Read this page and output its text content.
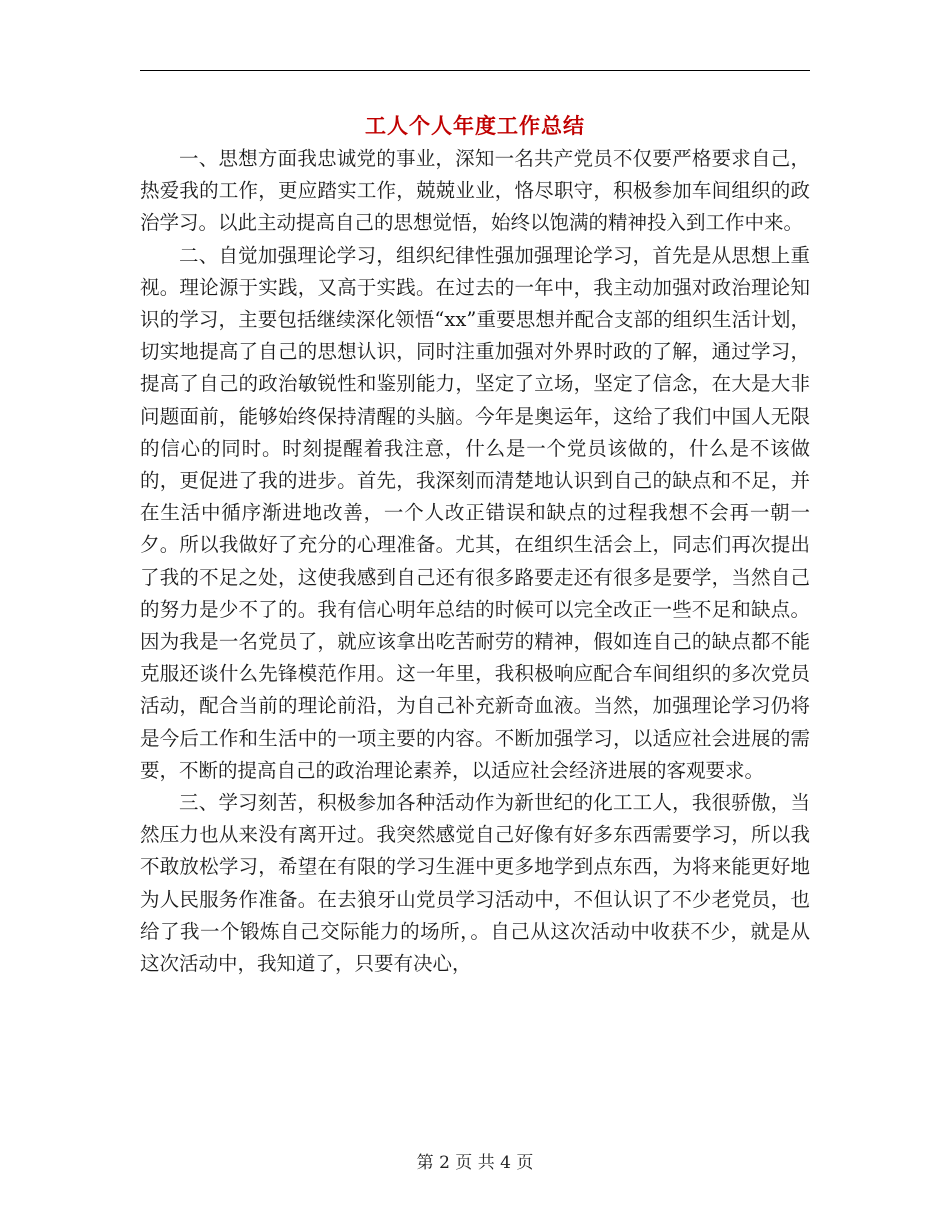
工人个人年度工作总结

一、思想方面我忠诚党的事业，深知一名共产党员不仅要严格要求自己，热爱我的工作，更应踏实工作，兢兢业业，恪尽职守，积极参加车间组织的政治学习。以此主动提高自己的思想觉悟，始终以饱满的精神投入到工作中来。

二、自觉加强理论学习，组织纪律性强加强理论学习，首先是从思想上重视。理论源于实践，又高于实践。在过去的一年中，我主动加强对政治理论知识的学习，主要包括继续深化领悟“xx”重要思想并配合支部的组织生活计划，切实地提高了自己的思想认识，同时注重加强对外界时政的了解，通过学习，提高了自己的政治敏锐性和鉴别能力，坚定了立场，坚定了信念，在大是大非问题面前，能够始终保持清醒的头脑。今年是奥运年，这给了我们中国人无限的信心的同时。时刻提醒着我注意，什么是一个党员该做的，什么是不该做的，更促进了我的进步。首先，我深刻而清楚地认识到自己的缺点和不足，并在生活中循序渐进地改善，一个人改正错误和缺点的过程我想不会再一朝一夕。所以我做好了充分的心理准备。尤其，在组织生活会上，同志们再次提出了我的不足之处，这使我感到自己还有很多路要走还有很多是要学，当然自己的努力是少不了的。我有信心明年总结的时候可以完全改正一些不足和缺点。因为我是一名党员了，就应该拿出吃苦耐劳的精神，假如连自己的缺点都不能克服还谈什么先锋模范作用。这一年里，我积极响应配合车间组织的多次党员活动，配合当前的理论前沿，为自己补充新奇血液。当然，加强理论学习仍将是今后工作和生活中的一项主要的内容。不断加强学习，以适应社会进展的需要，不断的提高自己的政治理论素养，以适应社会经济进展的客观要求。

三、学习刻苦，积极参加各种活动作为新世纪的化工工人，我很骄傲，当然压力也从来没有离开过。我突然感觉自己好像有好多东西需要学习，所以我不敢放松学习，希望在有限的学习生涯中更多地学到点东西，为将来能更好地为人民服务作准备。在去狼牙山党员学习活动中，不但认识了不少老党员，也给了我一个锻炼自己交际能力的场所，。自己从这次活动中收获不少，就是从这次活动中，我知道了，只要有决心，

第 2 页 共 4 页
